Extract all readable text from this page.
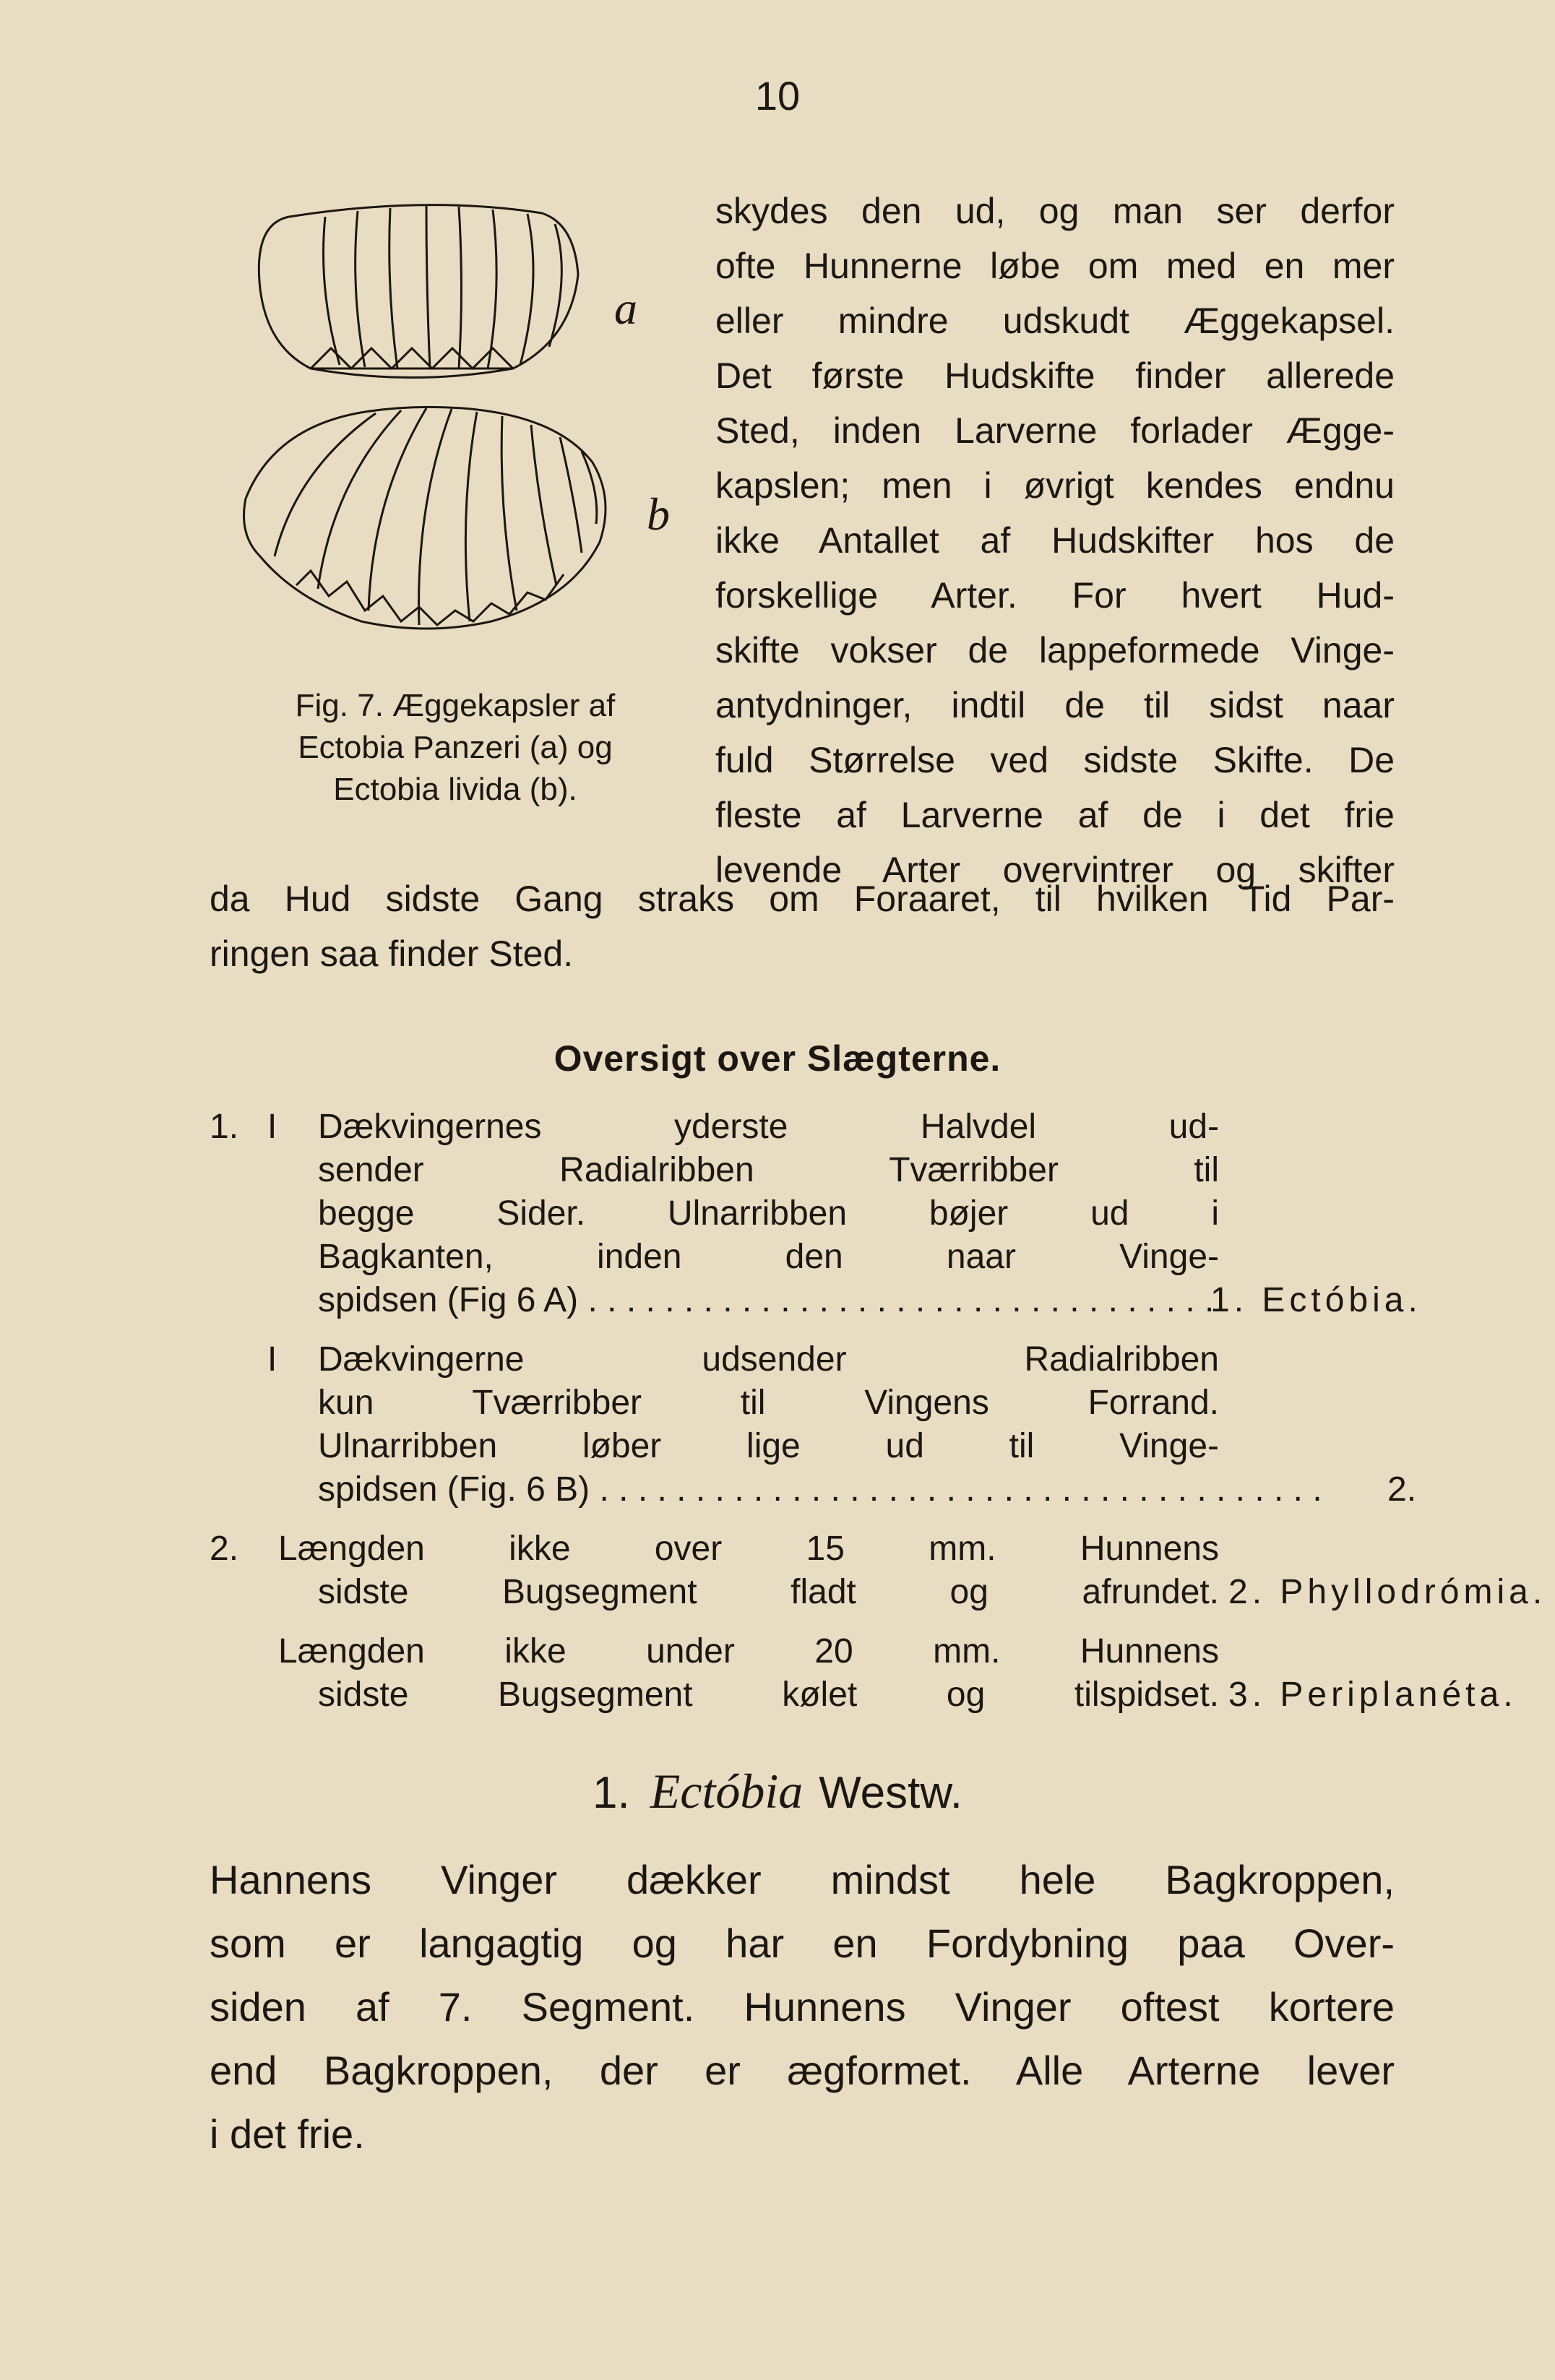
10
a
b
Fig. 7. Æggekapsler af
Ectobia Panzeri (a) og
Ectobia livida (b).
skydes den ud, og man ser derfor
ofte Hunnerne løbe om med en mer
eller mindre udskudt Æggekapsel.
Det første Hudskifte finder allerede
Sted, inden Larverne forlader Ægge-
kapslen; men i øvrigt kendes endnu
ikke Antallet af Hudskifter hos de
forskellige Arter. For hvert Hud-
skifte vokser de lappeformede Vinge-
antydninger, indtil de til sidst naar
fuld Størrelse ved sidste Skifte. De
fleste af Larverne af de i det frie
levende Arter overvintrer og skifter
da Hud sidste Gang straks om Foraaret, til hvilken Tid Par-
ringen saa finder Sted.
Oversigt over Slægterne.
1. I Dækvingernes yderste Halvdel ud-
sender Radialribben Tværribber til
begge Sider. Ulnarribben bøjer ud i
Bagkanten, inden den naar Vinge-
spidsen (Fig 6 A) . . .	1. Ectóbia.
I Dækvingerne udsender Radialribben
kun Tværribber til Vingens Forrand.
Ulnarribben løber lige ud til Vinge-
spidsen (Fig. 6 B) . . .	2.
2. Længden ikke over 15 mm. Hunnens
sidste Bugsegment fladt og afrundet. 2. Phyllodrómia.
Længden ikke under 20 mm. Hunnens
sidste Bugsegment kølet og tilspidset. 3. Periplanéta.
1. Ectóbia Westw.
Hannens Vinger dækker mindst hele Bagkroppen,
som er langagtig og har en Fordybning paa Over-
siden af 7. Segment. Hunnens Vinger oftest kortere
end Bagkroppen, der er ægformet. Alle Arterne lever
i det frie.
